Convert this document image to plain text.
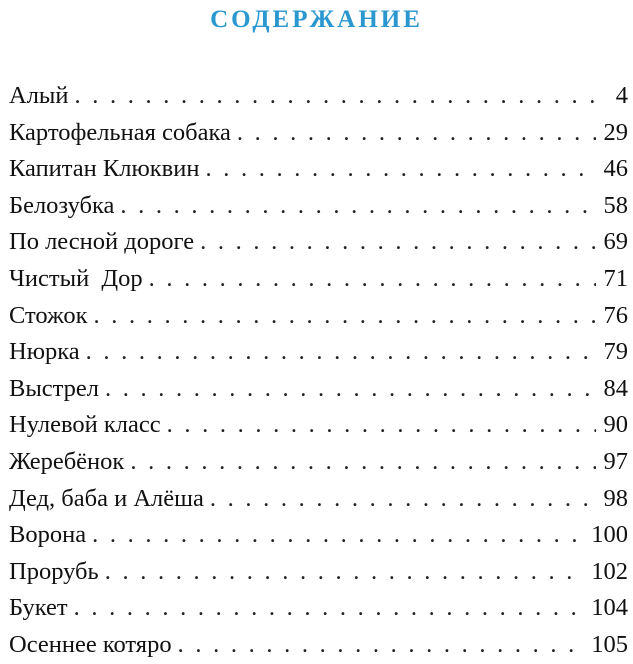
СОДЕРЖАНИЕ
Алый . . .	4
Картофельная собака . . .	29
Капитан Клюквин . . .	46
Белозубка . . .	58
По лесной дороге . . .	69
Чистый  Дор . . .	71
Стожок . . .	76
Нюрка . . .	79
Выстрел . . .	84
Нулевой класс . . .	90
Жеребёнок . . .	97
Дед, баба и Алёша . . .	98
Ворона . . .	100
Прорубь . . .	102
Букет . . .	104
Осеннее котяро . . .	105
